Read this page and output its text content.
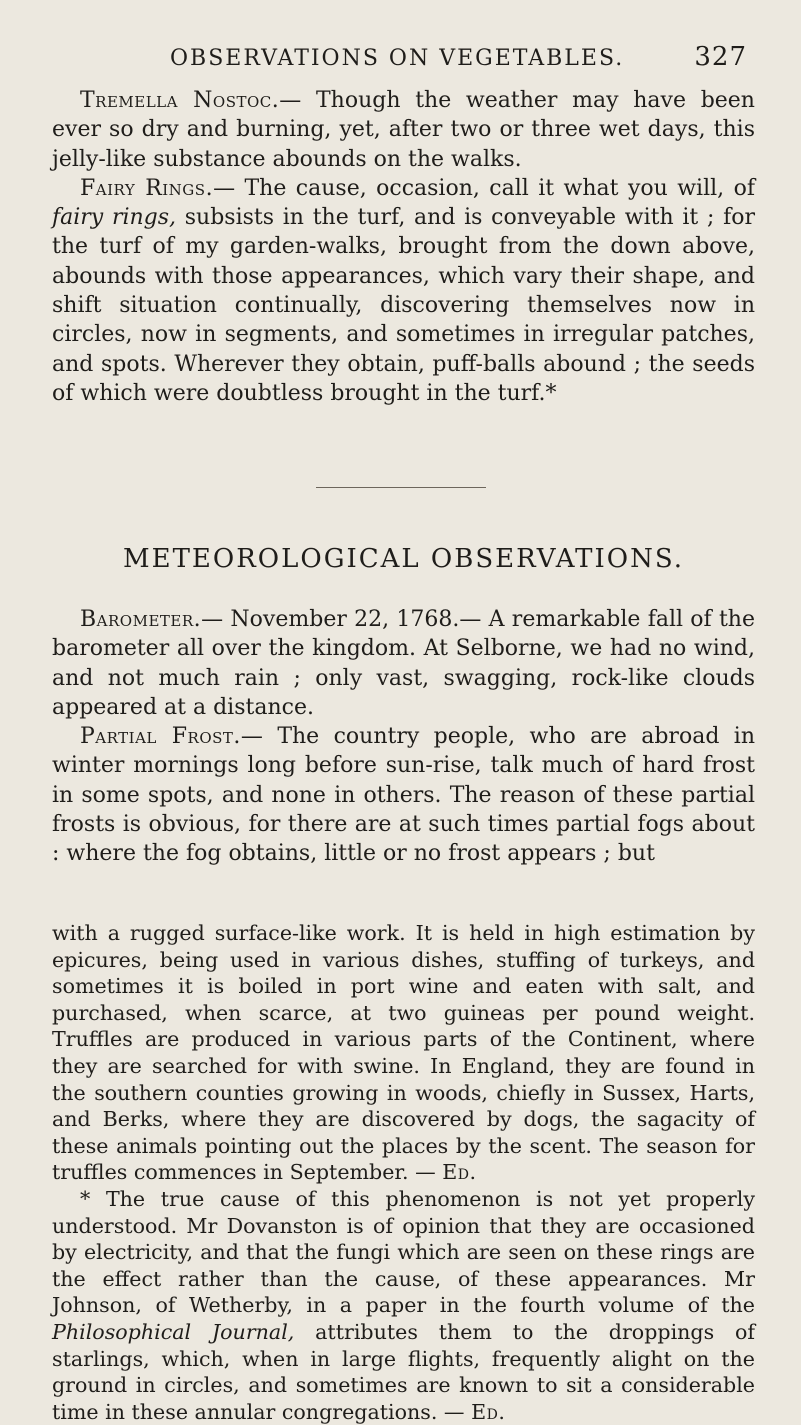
OBSERVATIONS ON VEGETABLES.	327

Tremella Nostoc.— Though the weather may have been ever so dry and burning, yet, after two or three wet days, this jelly-like substance abounds on the walks.

Fairy Rings.— The cause, occasion, call it what you will, of fairy rings, subsists in the turf, and is conveyable with it ; for the turf of my garden-walks, brought from the down above, abounds with those appearances, which vary their shape, and shift situation continually, discovering themselves now in circles, now in segments, and sometimes in irregular patches, and spots. Wherever they obtain, puff-balls abound ; the seeds of which were doubtless brought in the turf.*

METEOROLOGICAL OBSERVATIONS.

Barometer.— November 22, 1768.— A remarkable fall of the barometer all over the kingdom. At Selborne, we had no wind, and not much rain ; only vast, swagging, rock-like clouds appeared at a distance.

Partial Frost.— The country people, who are abroad in winter mornings long before sun-rise, talk much of hard frost in some spots, and none in others. The reason of these partial frosts is obvious, for there are at such times partial fogs about : where the fog obtains, little or no frost appears ; but

with a rugged surface-like work. It is held in high estimation by epicures, being used in various dishes, stuffing of turkeys, and sometimes it is boiled in port wine and eaten with salt, and purchased, when scarce, at two guineas per pound weight. Truffles are produced in various parts of the Continent, where they are searched for with swine. In England, they are found in the southern counties growing in woods, chiefly in Sussex, Harts, and Berks, where they are discovered by dogs, the sagacity of these animals pointing out the places by the scent. The season for truffles commences in September. — Ed.

* The true cause of this phenomenon is not yet properly understood. Mr Dovanston is of opinion that they are occasioned by electricity, and that the fungi which are seen on these rings are the effect rather than the cause, of these appearances. Mr Johnson, of Wetherby, in a paper in the fourth volume of the Philosophical Journal, attributes them to the droppings of starlings, which, when in large flights, frequently alight on the ground in circles, and sometimes are known to sit a considerable time in these annular congregations. — Ed.
